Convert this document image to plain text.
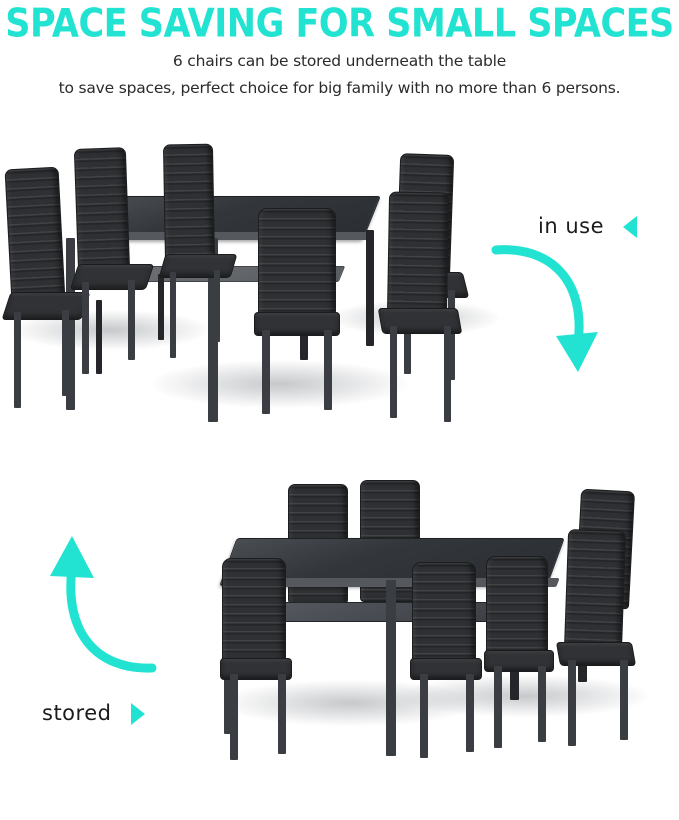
SPACE SAVING FOR SMALL SPACES
6 chairs can be stored underneath the table
to save spaces, perfect choice for big family with no more than 6 persons.
in use
stored
